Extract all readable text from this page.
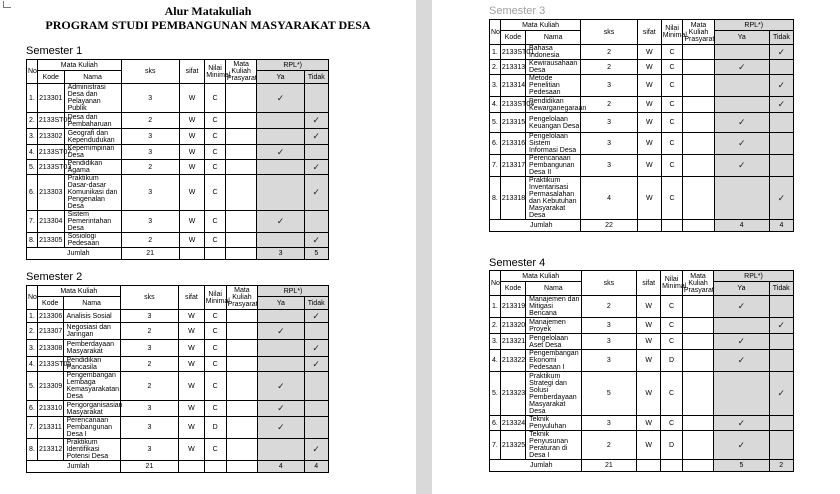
Alur Matakuliah
PROGRAM STUDI PEMBANGUNAN MASYARAKAT DESA
Semester 1
No	Mata Kuliah		sks	sifat	Nilai Minimal	Mata Kuliah Prasyarat	RPL*)	
	Kode	Nama					Ya	Tidak
1.	213301	Administrasi Desa dan Pelayanan Publik	3	W	C		✓	
2.	2133ST06	Desa dan Pembaharuan	2	W	C			✓
3.	213302	Geografi dan Kependudukan	3	W	C			✓
4.	2133ST07	Kepemimpinan Desa	3	W	C		✓	
5.	2133ST03	Pendidikan Agama	2	W	C			✓
6.	213303	Praktikum Dasar-dasar Komunikasi dan Pengenalan Desa	3	W	C			✓
7.	213304	Sistem Pemerintahan Desa	3	W	C		✓	
8.	213305	Sosiologi Pedesaan	2	W	C			✓
Jumlah			21				3	5
Semester 2
No	Mata Kuliah		sks	sifat	Nilai Minimal	Mata Kuliah Prasyarat	RPL*)	
	Kode	Nama					Ya	Tidak
1.	213306	Analisis Sosial	3	W	C			✓
2.	213307	Negosiasi dan Jaringan	2	W	C		✓	
3.	213308	Pemberdayaan Masyarakat	3	W	C			✓
4.	2133ST05	Pendidikan Pancasila	2	W	C			✓
5.	213309	Pengembangan Lembaga Kemasyarakatan Desa	2	W	C		✓	
6.	213310	Pengorganisasian Masyarakat	3	W	C		✓	
7.	213311	Perencanaan Pembangunan Desa I	3	W	D		✓	
8.	213312	Praktikum Identifikasi Potensi Desa	3	W	C			✓
Jumlah			21				4	4
Semester 3
No	Mata Kuliah		sks	sifat	Nilai Minimal	Mata Kuliah Prasyarat	RPL*)	
	Kode	Nama					Ya	Tidak
1.	2133ST01	Bahasa Indonesia	2	W	C			✓
2.	213313	Kewirausahaan Desa	2	W	C		✓	
3.	213314	Metode Penelitian Pedesaan	3	W	C			✓
4.	2133ST04	Pendidikan Kewarganegaraan	2	W	C			✓
5.	213315	Pengelolaan Keuangan Desa	3	W	C		✓	
6.	213316	Pengelolaan Sistem Informasi Desa	3	W	C		✓	
7.	213317	Perencanaan Pembangunan Desa II	3	W	C		✓	
8.	213318	Praktikum Inventarisasi Permasalahan dan Kebutuhan Masyarakat Desa	4	W	C			✓
Jumlah			22				4	4
Semester 4
No	Mata Kuliah		sks	sifat	Nilai Minimal	Mata Kuliah Prasyarat	RPL*)	
	Kode	Nama					Ya	Tidak
1.	213319	Manajemen dan Mitigasi Bencana	2	W	C		✓	
2.	213320	Manajemen Proyek	3	W	C			✓
3.	213321	Pengelolaan Aset Desa	3	W	C		✓	
4.	213322	Pengembangan Ekonomi Pedesaan I	3	W	D		✓	
5.	213323	Praktikum Strategi dan Solusi Pemberdayaan Masyarakat Desa	5	W	C			✓
6.	213324	Teknik Penyuluhan	3	W	C		✓	
7.	213325	Teknik Penyusunan Peraturan di Desa I	2	W	D		✓	
Jumlah			21				5	2
